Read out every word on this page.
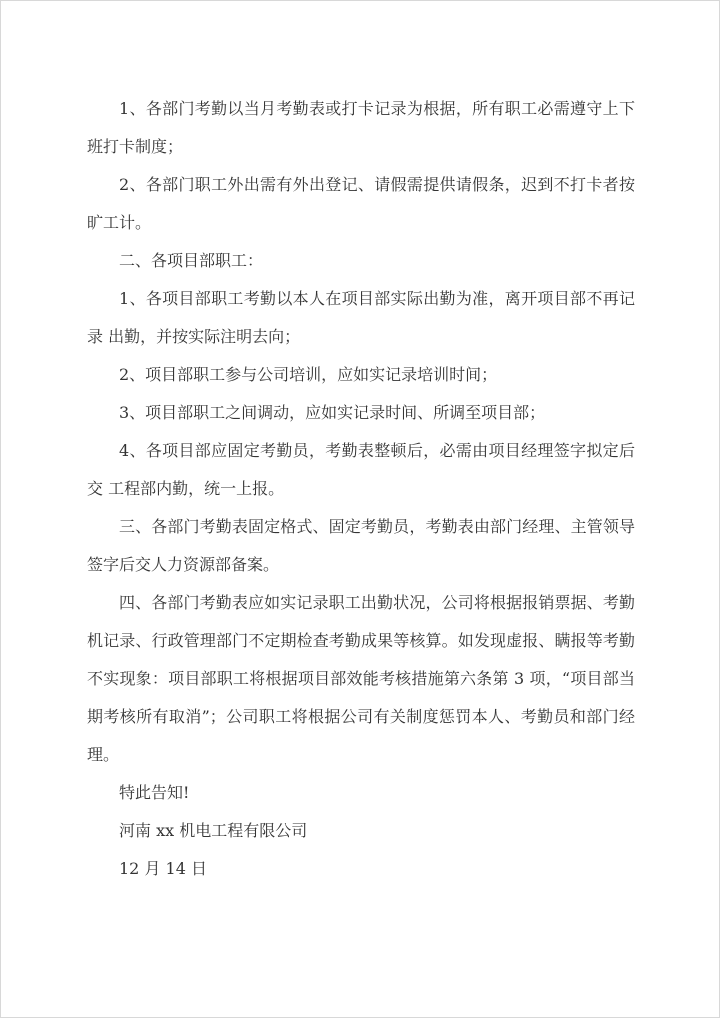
1、各部门考勤以当月考勤表或打卡记录为根据，所有职工必需遵守上下班打卡制度；

2、各部门职工外出需有外出登记、请假需提供请假条，迟到不打卡者按旷工计。

二、各项目部职工：

1、各项目部职工考勤以本人在项目部实际出勤为准，离开项目部不再记录 出勤，并按实际注明去向；

2、项目部职工参与公司培训，应如实记录培训时间；

3、项目部职工之间调动，应如实记录时间、所调至项目部；

4、各项目部应固定考勤员，考勤表整顿后，必需由项目经理签字拟定后交 工程部内勤，统一上报。

三、各部门考勤表固定格式、固定考勤员，考勤表由部门经理、主管领导签字后交人力资源部备案。

四、各部门考勤表应如实记录职工出勤状况，公司将根据报销票据、考勤机记录、行政管理部门不定期检查考勤成果等核算。如发现虚报、瞒报等考勤不实现象：项目部职工将根据项目部效能考核措施第六条第 3 项，“项目部当期考核所有取消”；公司职工将根据公司有关制度惩罚本人、考勤员和部门经理。

特此告知!

河南 xx 机电工程有限公司

12 月 14 日
